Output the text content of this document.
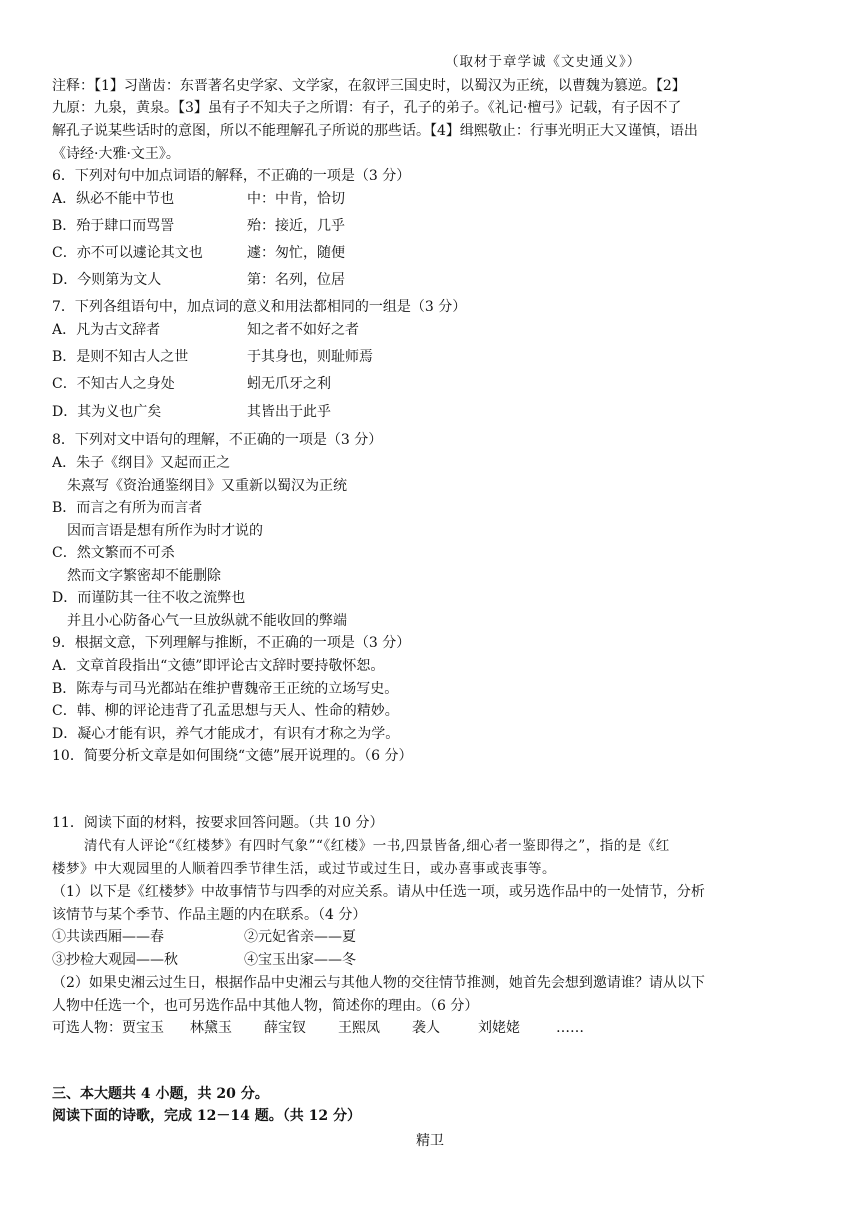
（取材于章学诚《文史通义》）
注释：【1】习凿齿：东晋著名史学家、文学家，在叙评三国史时，以蜀汉为正统，以曹魏为篡逆。【2】
九原：九泉，黄泉。【3】虽有子不知夫子之所谓：有子，孔子的弟子。《礼记·檀弓》记载，有子因不了
解孔子说某些话时的意图，所以不能理解孔子所说的那些话。【4】缉熙敬止：行事光明正大又谨慎，语出
《诗经·大雅·文王》。
6．下列对句中加点词语的解释，不正确的一项是（3 分）
A．纵必不能中节也	中：中肯，恰切
B．殆于肆口而骂詈	殆：接近，几乎
C．亦不可以遽论其文也	遽：匆忙，随便
D．今则第为文人	第：名列，位居
7．下列各组语句中，加点词的意义和用法都相同的一组是（3 分）
A．凡为古文辞者	知之者不如好之者
B．是则不知古人之世	于其身也，则耻师焉
C．不知古人之身处	蚓无爪牙之利
D．其为义也广矣	其皆出于此乎
8．下列对文中语句的理解，不正确的一项是（3 分）
A．朱子《纲目》又起而正之
朱熹写《资治通鉴纲目》又重新以蜀汉为正统
B．而言之有所为而言者
因而言语是想有所作为时才说的
C．然文繁而不可杀
然而文字繁密却不能删除
D．而谨防其一往不收之流弊也
并且小心防备心气一旦放纵就不能收回的弊端
9．根据文意，下列理解与推断，不正确的一项是（3 分）
A．文章首段指出“文德”即评论古文辞时要持敬怀恕。
B．陈寿与司马光都站在维护曹魏帝王正统的立场写史。
C．韩、柳的评论违背了孔孟思想与天人、性命的精妙。
D．凝心才能有识，养气才能成才，有识有才称之为学。
10．简要分析文章是如何围绕“文德”展开说理的。（6 分）
11．阅读下面的材料，按要求回答问题。（共 10 分）
清代有人评论“《红楼梦》有四时气象”“《红楼》一书,四景皆备,细心者一鉴即得之”，指的是《红
楼梦》中大观园里的人顺着四季节律生活，或过节或过生日，或办喜事或丧事等。
（1）以下是《红楼梦》中故事情节与四季的对应关系。请从中任选一项，或另选作品中的一处情节，分析
该情节与某个季节、作品主题的内在联系。（4 分）
①共读西厢——春	②元妃省亲——夏
③抄检大观园——秋	④宝玉出家——冬
（2）如果史湘云过生日，根据作品中史湘云与其他人物的交往情节推测，她首先会想到邀请谁？请从以下
人物中任选一个，也可另选作品中其他人物，简述你的理由。（6 分）
可选人物：贾宝玉 林黛玉 薛宝钗 王熙凤 袭人	刘姥姥	……
三、本大题共 4 小题，共 20 分。
阅读下面的诗歌，完成 12－14 题。（共 12 分）
精卫
